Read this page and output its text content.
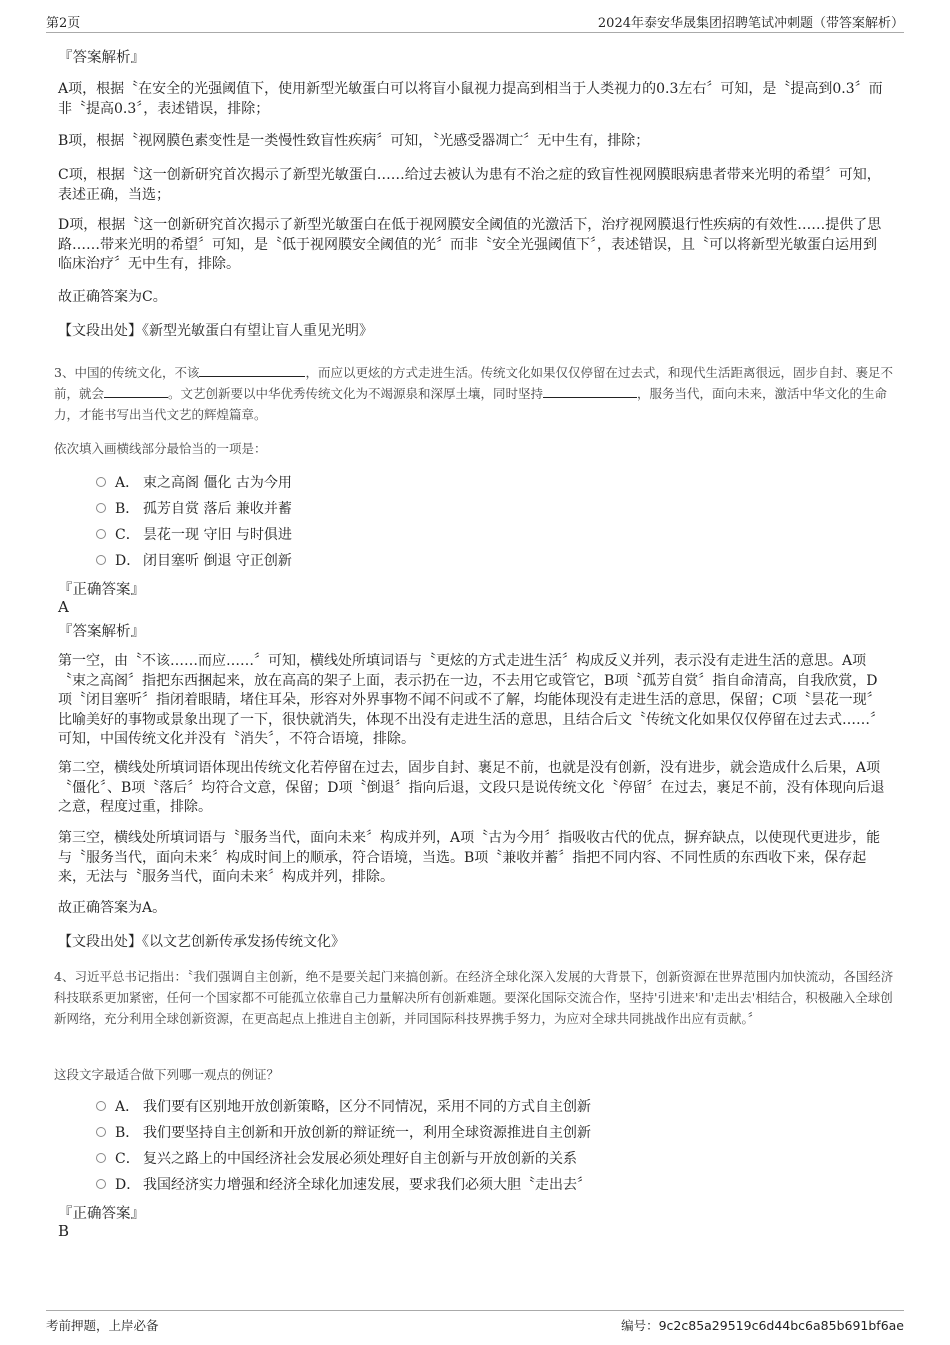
第2页	2024年泰安华晟集团招聘笔试冲刺题（带答案解析）
『答案解析』
A项，根据〝在安全的光强阈值下，使用新型光敏蛋白可以将盲小鼠视力提高到相当于人类视力的0.3左右〞可知，是〝提高到0.3〞而非〝提高0.3〞，表述错误，排除；
B项，根据〝视网膜色素变性是一类慢性致盲性疾病〞可知，〝光感受器凋亡〞无中生有，排除；
C项，根据〝这一创新研究首次揭示了新型光敏蛋白……给过去被认为患有不治之症的致盲性视网膜眼病患者带来光明的希望〞可知，表述正确，当选；
D项，根据〝这一创新研究首次揭示了新型光敏蛋白在低于视网膜安全阈值的光激活下，治疗视网膜退行性疾病的有效性……提供了思路……带来光明的希望〞可知，是〝低于视网膜安全阈值的光〞而非〝安全光强阈值下〞，表述错误，且〝可以将新型光敏蛋白运用到临床治疗〞无中生有，排除。
故正确答案为C。
【文段出处】《新型光敏蛋白有望让盲人重见光明》
3、中国的传统文化，不该	，而应以更炫的方式走进生活。传统文化如果仅仅停留在过去式，和现代生活距离很远，固步自封、裹足不前，就会	。文艺创新要以中华优秀传统文化为不竭源泉和深厚土壤，同时坚持	，服务当代，面向未来，激活中华文化的生命力，才能书写出当代文艺的辉煌篇章。
依次填入画横线部分最恰当的一项是：
A． 束之高阁 僵化 古为今用
B． 孤芳自赏 落后 兼收并蓄
C． 昙花一现 守旧 与时俱进
D． 闭目塞听 倒退 守正创新
『正确答案』
A
『答案解析』
第一空，由〝不该……而应……〞可知，横线处所填词语与〝更炫的方式走进生活〞构成反义并列，表示没有走进生活的意思。A项〝束之高阁〞指把东西捆起来，放在高高的架子上面，表示扔在一边，不去用它或管它，B项〝孤芳自赏〞指自命清高，自我欣赏，D项〝闭目塞听〞指闭着眼睛，堵住耳朵，形容对外界事物不闻不问或不了解，均能体现没有走进生活的意思，保留；C项〝昙花一现〞比喻美好的事物或景象出现了一下，很快就消失，体现不出没有走进生活的意思，且结合后文〝传统文化如果仅仅停留在过去式……〞可知，中国传统文化并没有〝消失〞，不符合语境，排除。
第二空，横线处所填词语体现出传统文化若停留在过去，固步自封、裹足不前，也就是没有创新，没有进步，就会造成什么后果，A项〝僵化〞、B项〝落后〞均符合文意，保留；D项〝倒退〞指向后退，文段只是说传统文化〝停留〞在过去，裹足不前，没有体现向后退之意，程度过重，排除。
第三空，横线处所填词语与〝服务当代，面向未来〞构成并列，A项〝古为今用〞指吸收古代的优点，摒弃缺点，以使现代更进步，能与〝服务当代，面向未来〞构成时间上的顺承，符合语境，当选。B项〝兼收并蓄〞指把不同内容、不同性质的东西收下来，保存起来，无法与〝服务当代，面向未来〞构成并列，排除。
故正确答案为A。
【文段出处】《以文艺创新传承发扬传统文化》
4、习近平总书记指出：〝我们强调自主创新，绝不是要关起门来搞创新。在经济全球化深入发展的大背景下，创新资源在世界范围内加快流动，各国经济科技联系更加紧密，任何一个国家都不可能孤立依靠自己力量解决所有创新难题。要深化国际交流合作，坚持'引进来'和'走出去'相结合，积极融入全球创新网络，充分利用全球创新资源，在更高起点上推进自主创新，并同国际科技界携手努力，为应对全球共同挑战作出应有贡献。〞
这段文字最适合做下列哪一观点的例证？
A． 我们要有区别地开放创新策略，区分不同情况，采用不同的方式自主创新
B． 我们要坚持自主创新和开放创新的辩证统一，利用全球资源推进自主创新
C． 复兴之路上的中国经济社会发展必须处理好自主创新与开放创新的关系
D． 我国经济实力增强和经济全球化加速发展，要求我们必须大胆〝走出去〞
『正确答案』
B
考前押题，上岸必备	编号：9c2c85a29519c6d44bc6a85b691bf6ae
